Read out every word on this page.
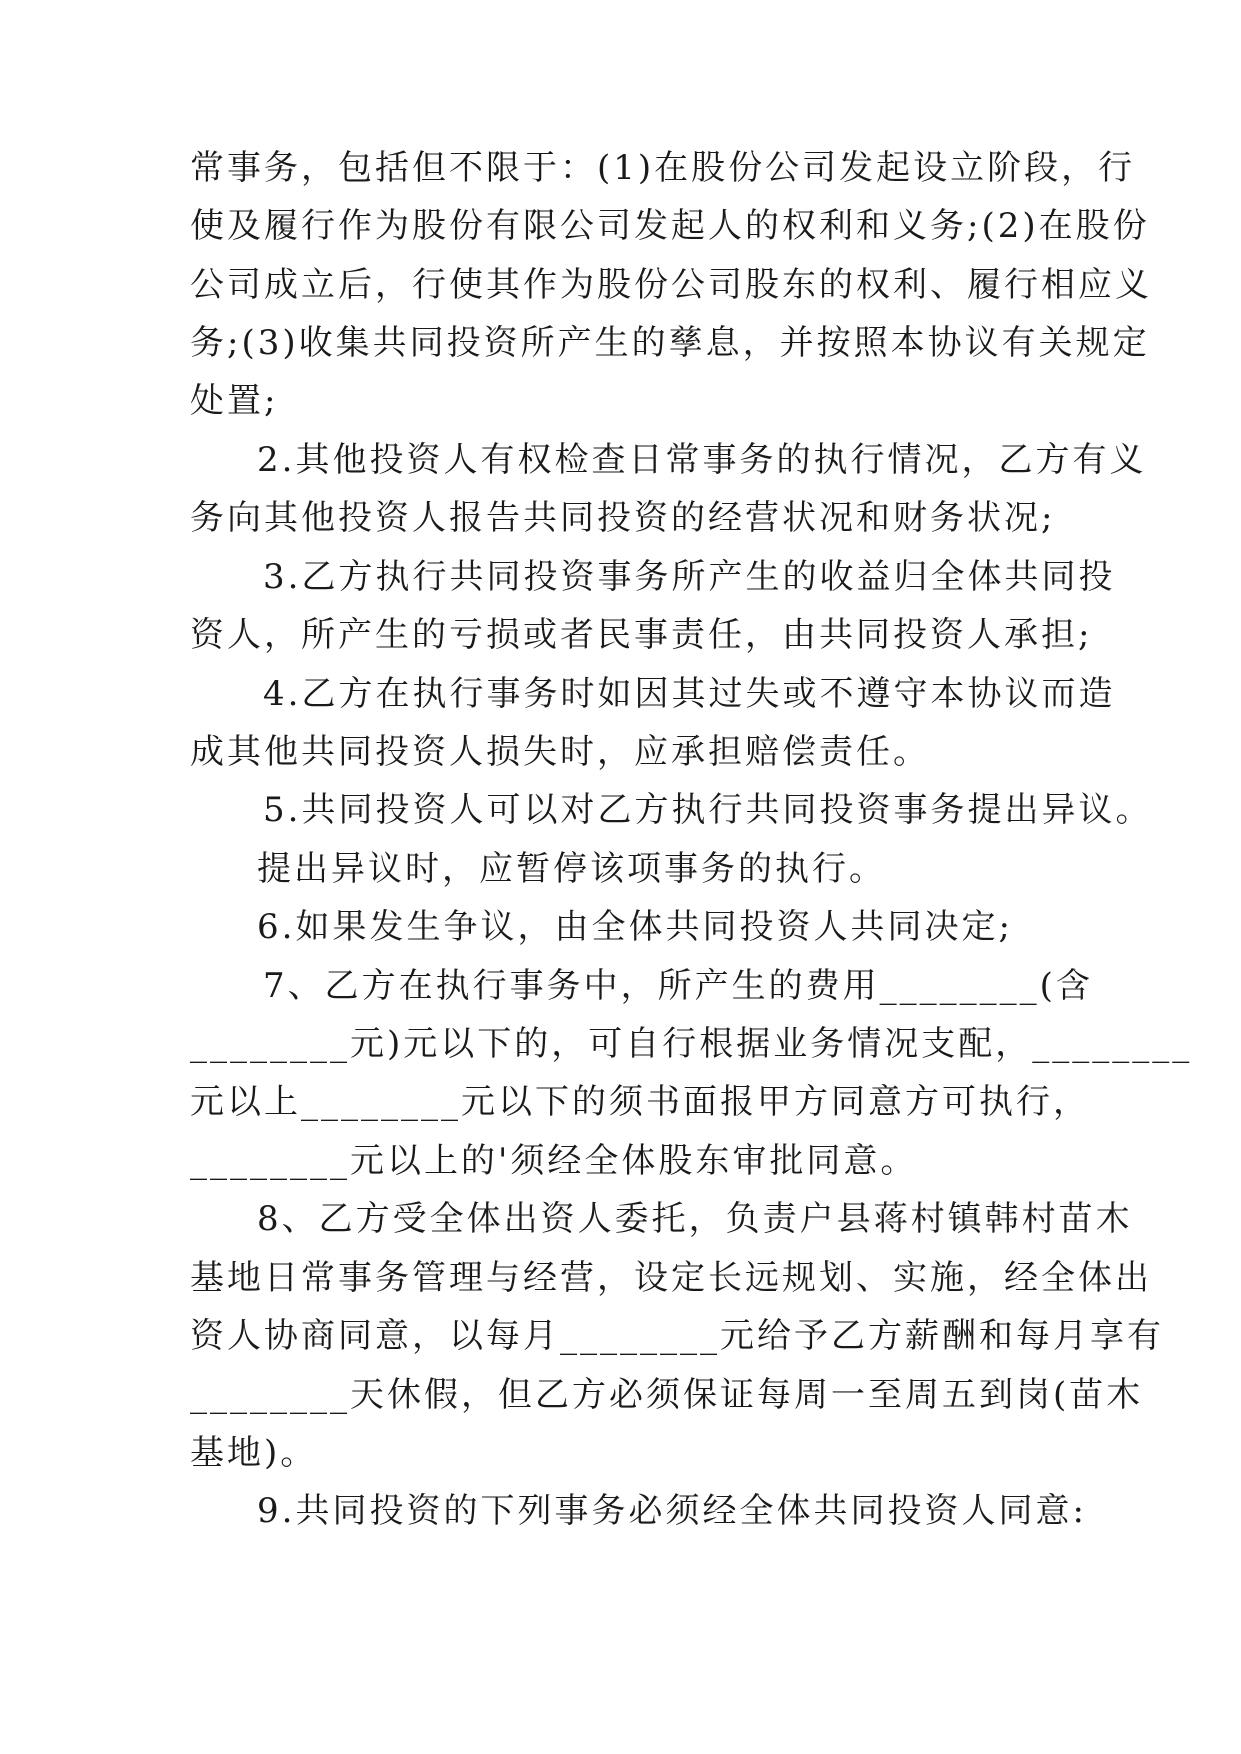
常事务，包括但不限于：(1)在股份公司发起设立阶段，行
使及履行作为股份有限公司发起人的权利和义务;(2)在股份
公司成立后，行使其作为股份公司股东的权利、履行相应义
务;(3)收集共同投资所产生的孳息，并按照本协议有关规定
处置;
2.其他投资人有权检查日常事务的执行情况，乙方有义
务向其他投资人报告共同投资的经营状况和财务状况;
3.乙方执行共同投资事务所产生的收益归全体共同投
资人，所产生的亏损或者民事责任，由共同投资人承担;
4.乙方在执行事务时如因其过失或不遵守本协议而造
成其他共同投资人损失时，应承担赔偿责任。
5.共同投资人可以对乙方执行共同投资事务提出异议。
提出异议时，应暂停该项事务的执行。
6.如果发生争议，由全体共同投资人共同决定;
7、乙方在执行事务中，所产生的费用________(含
________元)元以下的，可自行根据业务情况支配，________
元以上________元以下的须书面报甲方同意方可执行，
________元以上的'须经全体股东审批同意。
8、乙方受全体出资人委托，负责户县蒋村镇韩村苗木
基地日常事务管理与经营，设定长远规划、实施，经全体出
资人协商同意，以每月________元给予乙方薪酬和每月享有
________天休假，但乙方必须保证每周一至周五到岗(苗木
基地)。
9.共同投资的下列事务必须经全体共同投资人同意:
